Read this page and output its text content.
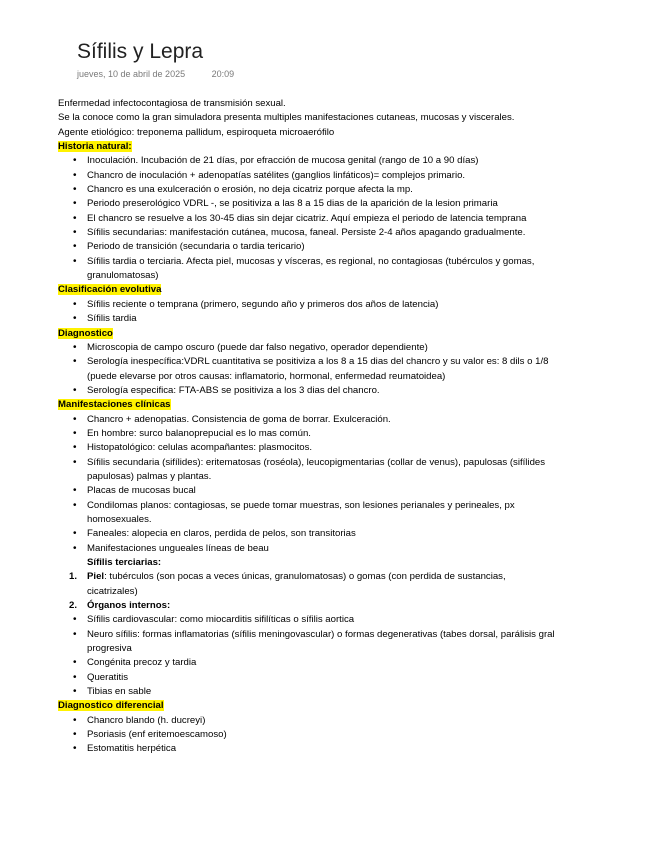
Sífilis y Lepra
jueves, 10 de abril de 2025	20:09

Enfermedad infectocontagiosa de transmisión sexual.

Se la conoce como la gran simuladora presenta multiples manifestaciones cutaneas, mucosas y viscerales.

Agente etiológico: treponema pallidum, espiroqueta microaerófilo

Historia natural:

• Inoculación. Incubación de 21 días, por efracción de mucosa genital (rango de 10 a 90 días)
• Chancro de inoculación + adenopatías satélites (ganglios linfáticos)= complejos primario.
• Chancro es una exulceración o erosión, no deja cicatriz porque afecta la mp.
• Periodo preserológico VDRL -, se positiviza a las 8 a 15 dias de la aparición de la lesion primaria
• El chancro se resuelve a los 30-45 dias sin dejar cicatriz. Aquí empieza el periodo de latencia temprana
• Sífilis secundarias: manifestación cutánea, mucosa, faneal. Persiste 2-4 años apagando gradualmente.
• Periodo de transición (secundaria o tardia tericario)
• Sífilis tardia o terciaria. Afecta piel, mucosas y vísceras, es regional, no contagiosas (tubérculos y gomas, granulomatosas)

Clasificación evolutiva

• Sífilis reciente o temprana (primero, segundo año y primeros dos años de latencia)
• Sífilis tardia

Diagnostico

• Microscopia de campo oscuro (puede dar falso negativo, operador dependiente)
• Serología inespecífica:VDRL cuantitativa se positiviza a los 8 a 15 dias del chancro y su valor es: 8 dils o 1/8 (puede elevarse por otros causas: inflamatorio, hormonal, enfermedad reumatoidea)
• Serología especifica: FTA-ABS se positiviza a los 3 dias del chancro.

Manifestaciones clínicas

• Chancro + adenopatias. Consistencia de goma de borrar. Exulceración.
• En hombre: surco balanoprepucial es lo mas común.
• Histopatológico: celulas acompañantes: plasmocitos.
• Sífilis secundaria (sifílides): eritematosas (roséola), leucopigmentarias (collar de venus), papulosas (sifílides papulosas) palmas y plantas.
• Placas de mucosas bucal
• Condilomas planos: contagiosas, se puede tomar muestras, son lesiones perianales y perineales, px homosexuales.
• Faneales: alopecia en claros, perdida de pelos, son transitorias
• Manifestaciones ungueales líneas de beau

Sífilis terciarias:

1. Piel: tubérculos (son pocas a veces únicas, granulomatosas) o gomas (con perdida de sustancias, cicatrizales)
2. Órganos internos:
• Sífilis cardiovascular: como miocarditis sifilíticas o sífilis aortica
• Neuro sífilis: formas inflamatorias (sífilis meningovascular) o formas degenerativas (tabes dorsal, parálisis gral progresiva
• Congénita precoz y tardia
• Queratitis
• Tibias en sable

Diagnostico diferencial

• Chancro blando (h. ducreyi)
• Psoriasis (enf eritemoescamoso)
• Estomatitis herpética
